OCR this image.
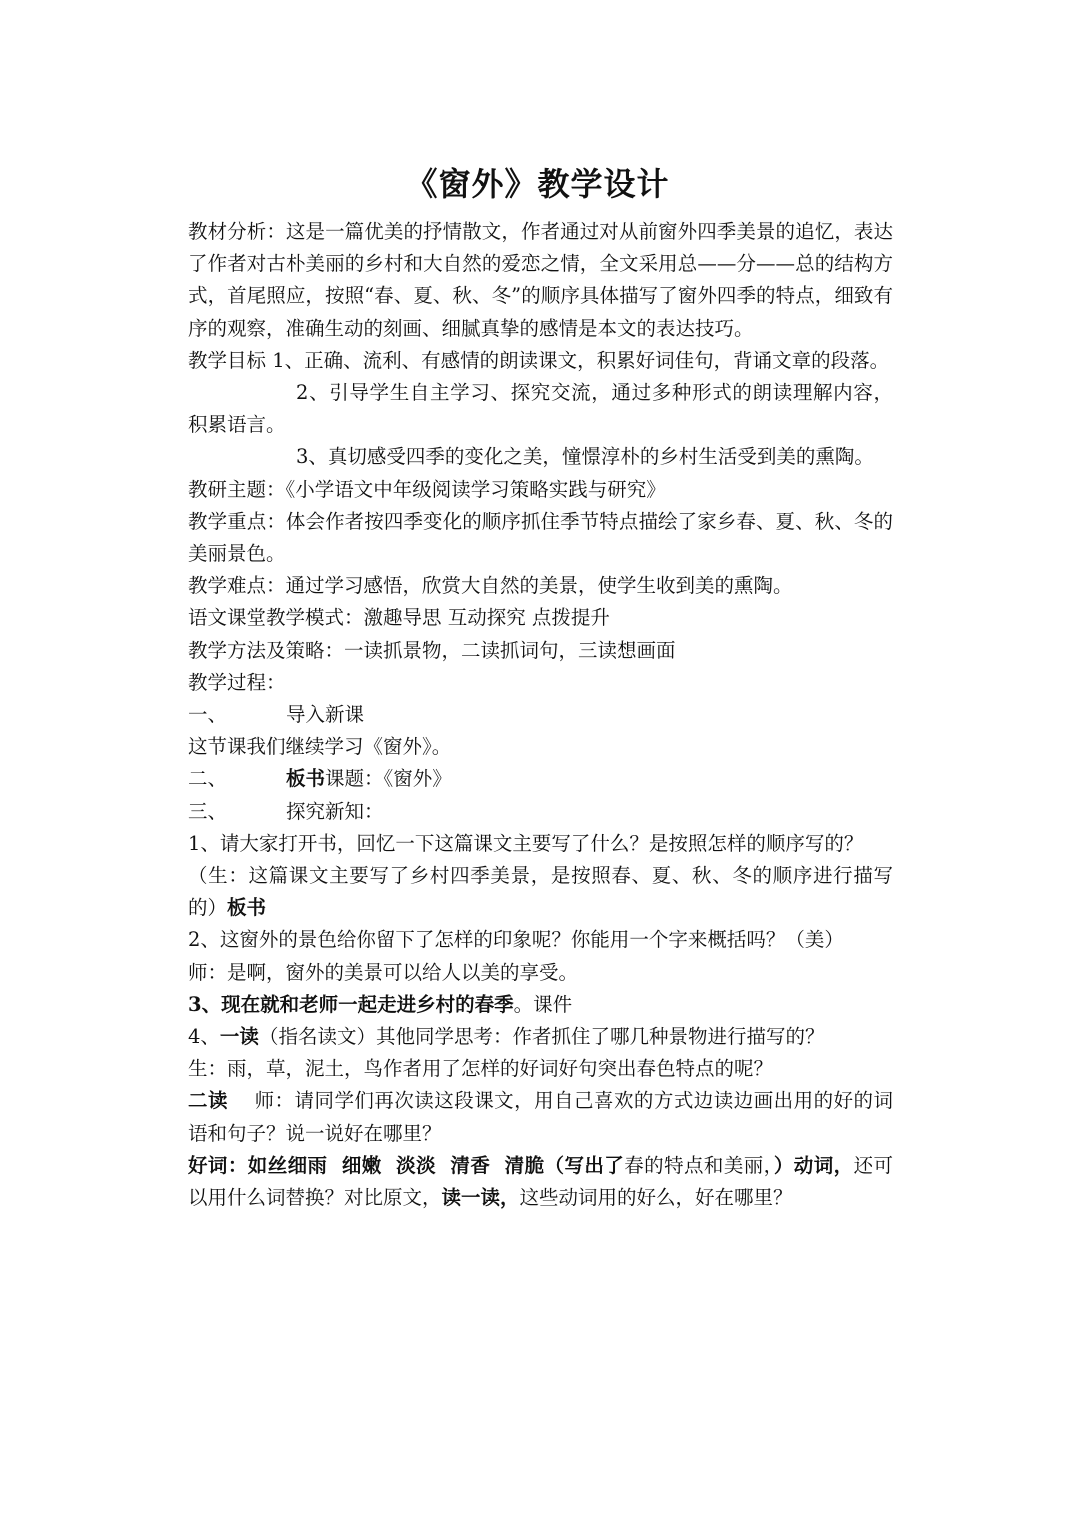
《窗外》教学设计

教材分析：这是一篇优美的抒情散文，作者通过对从前窗外四季美景的追忆，表达了作者对古朴美丽的乡村和大自然的爱恋之情，全文采用总——分——总的结构方式，首尾照应，按照“春、夏、秋、冬”的顺序具体描写了窗外四季的特点，细致有序的观察，准确生动的刻画、细腻真挚的感情是本文的表达技巧。

教学目标 1、正确、流利、有感情的朗读课文，积累好词佳句，背诵文章的段落。

2、引导学生自主学习、探究交流，通过多种形式的朗读理解内容，积累语言。

3、真切感受四季的变化之美，憧憬淳朴的乡村生活受到美的熏陶。

教研主题：《小学语文中年级阅读学习策略实践与研究》

教学重点：体会作者按四季变化的顺序抓住季节特点描绘了家乡春、夏、秋、冬的美丽景色。

教学难点：通过学习感悟，欣赏大自然的美景，使学生收到美的熏陶。

语文课堂教学模式：激趣导思 互动探究 点拨提升

教学方法及策略：一读抓景物，二读抓词句，三读想画面

教学过程：

一、	导入新课

这节课我们继续学习《窗外》。

二、	板书课题：《窗外》

三、	探究新知：

1、请大家打开书，回忆一下这篇课文主要写了什么？是按照怎样的顺序写的？

（生：这篇课文主要写了乡村四季美景，是按照春、夏、秋、冬的顺序进行描写的）板书

2、这窗外的景色给你留下了怎样的印象呢？你能用一个字来概括吗？（美）

师：是啊，窗外的美景可以给人以美的享受。

3、现在就和老师一起走进乡村的春季。课件

4、一读（指名读文）其他同学思考：作者抓住了哪几种景物进行描写的？

生：雨，草，泥土，鸟作者用了怎样的好词好句突出春色特点的呢？

二读    师：请同学们再次读这段课文，用自己喜欢的方式边读边画出用的好的词语和句子？说一说好在哪里？

好词：如丝细雨  细嫩  淡淡  清香  清脆（写出了春的特点和美丽，）动词，还可以用什么词替换？对比原文，读一读，这些动词用的好么，好在哪里？
